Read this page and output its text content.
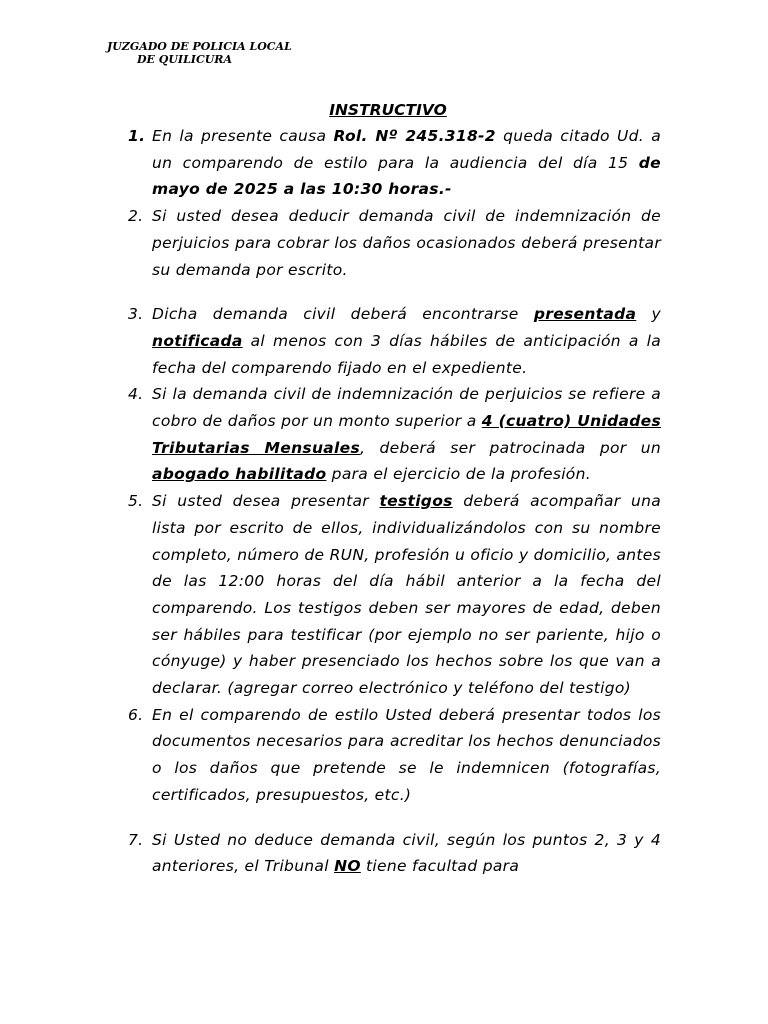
JUZGADO DE POLICIA LOCAL
DE QUILICURA
INSTRUCTIVO
1. En la presente causa Rol. Nº 245.318-2 queda citado Ud. a un comparendo de estilo para la audiencia del día 15 de mayo de 2025 a las 10:30 horas.-
2. Si usted desea deducir demanda civil de indemnización de perjuicios para cobrar los daños ocasionados deberá presentar su demanda por escrito.
3. Dicha demanda civil deberá encontrarse presentada y notificada al menos con 3 días hábiles de anticipación a la fecha del comparendo fijado en el expediente.
4. Si la demanda civil de indemnización de perjuicios se refiere a cobro de daños por un monto superior a 4 (cuatro) Unidades Tributarias Mensuales, deberá ser patrocinada por un abogado habilitado para el ejercicio de la profesión.
5. Si usted desea presentar testigos deberá acompañar una lista por escrito de ellos, individualizándolos con su nombre completo, número de RUN, profesión u oficio y domicilio, antes de las 12:00 horas del día hábil anterior a la fecha del comparendo. Los testigos deben ser mayores de edad, deben ser hábiles para testificar (por ejemplo no ser pariente, hijo o cónyuge) y haber presenciado los hechos sobre los que van a declarar. (agregar correo electrónico y teléfono del testigo)
6. En el comparendo de estilo Usted deberá presentar todos los documentos necesarios para acreditar los hechos denunciados o los daños que pretende se le indemnicen (fotografías, certificados, presupuestos, etc.)
7. Si Usted no deduce demanda civil, según los puntos 2, 3 y 4 anteriores, el Tribunal NO tiene facultad para
